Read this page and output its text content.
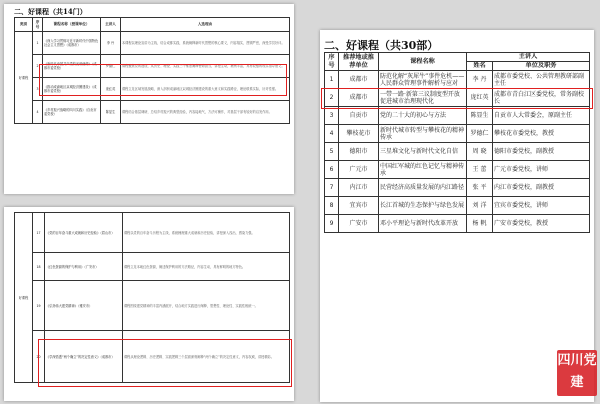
二、好课程（共14门）
类别	序号	课程名称（授课单位）	主讲人	入选理由
好课程	1	《深入学习贯彻习近平新时代中国特色社会主义思想》（成都市）	李 丹	本课程以理论宣讲为主线，结合成都实践，系统阐释新时代思想的核心要义，内容翔实，逻辑严密，深受学员好评。
	2	《新时代中国共产党的光荣使命》（成都市委党校）	罗德仁	课程聚焦党的建设，从历史、理论、实践三个维度阐释使命担当，讲授生动，案例丰富，具有较强的现实指导意义。
	3	《推动成渝地区双城经济圈建设》（成都市委党校）	庞红英	课程立足区域发展战略，深入剖析成渝地区双城经济圈建设的重大意义和实践路径，理论联系实际，针对性强。
	4	《乡村振兴战略的四川实践》（自贡市委党校）	陈显生	课程结合基层调研，总结乡村振兴的典型经验，内容接地气，方法可操作，对基层干部有较好的启发作用。
好课程	17	《党的百年奋斗重大成就和历史经验》（眉山市）	课程以党的百年奋斗历程为主线，系统梳理重大成就和历史经验，讲授深入浅出，感染力强。
	18	《红色资源的保护与利用》（广安市）	课程立足本地红色资源，阐述保护利用的方法路径，内容生动，具有鲜明的地方特色。
	19	《弘扬伟大建党精神》（雅安市）	课程围绕建党精神的丰富内涵展开，结合地方实践进行阐释，思想性、理论性、实践性相统一。
	20	《学深悟透“两个确立”的决定性意义》（成都市）	课程从理论逻辑、历史逻辑、实践逻辑三个层面深刻阐释“两个确立”的决定性意义，内容权威，讲授精彩。
二、好课程（共30部）
序号	推荐地或推荐单位	课程名称	主讲人	
			姓名	单位及职务
1	成都市	防范化解“灰犀牛”事件危机——人民群众管理事件解析与应对	李 丹	成都市委党校、公共管理教研部副主任
2	成都市	一带一路·新第三议制度型开放促进城市治理现代化	庞红英	成都市青白江区委党校，常务副校长
3	自贡市	党的二十大的初心与方法	陈显生	自贡市人大常委会，原副主任
4	攀枝花市	新时代城市转型与攀枝花的精神传承	罗德仁	攀枝花市委党校，教授
5	德阳市	三星堆文化与新时代文化自信	周 晓	德阳市委党校，副教授
6	广元市	中国红军城的红色记忆与精神传承	王 蕾	广元市委党校，讲师
7	内江市	民营经济高质量发展的内江路径	张 平	内江市委党校，副教授
8	宜宾市	长江首城的生态保护与绿色发展	刘 洋	宜宾市委党校，讲师
9	广安市	邓小平理论与新时代改革开放	杨 帆	广安市委党校，教授
四川党建
